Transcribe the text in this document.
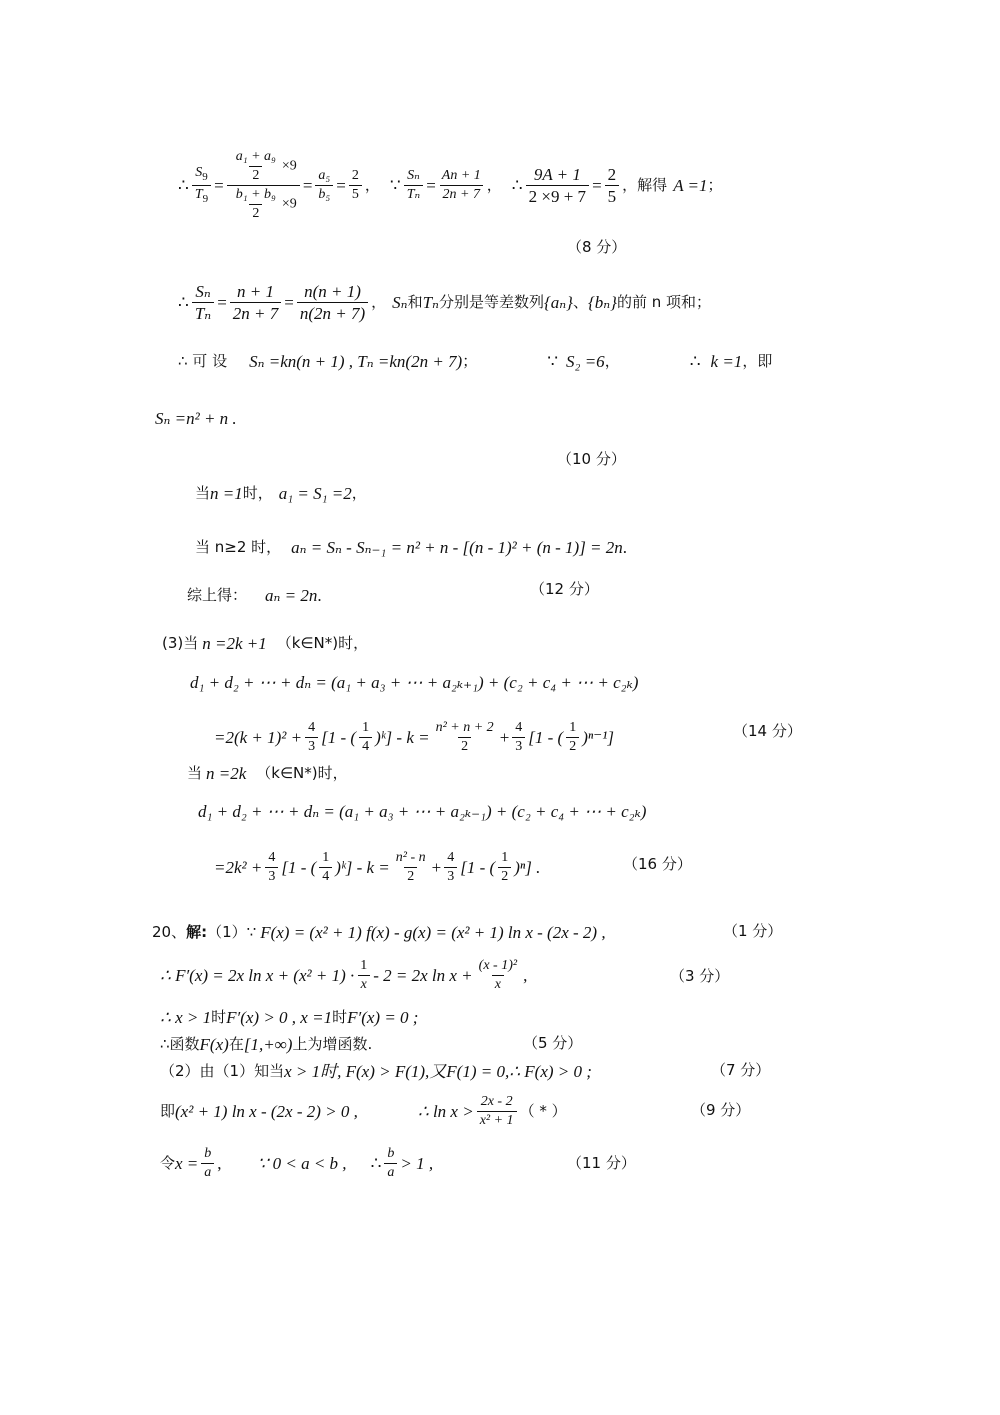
∴ $\frac{S_9}{T_9} = \frac{\frac{\text{a₁ + a₉}}{2} \times 9}{\frac{\text{b₁ + b₉}}{2} \times 9} = \frac{\text{a₅}}{\text{b₅}} = \frac{2}{5}$ ， ∵ $\frac{\text{Sₙ}}{\text{Tₙ}} = \frac{An + 1}{2n + 7}$ ， ∴ $\frac{9A + 1}{2 \times 9 + 7} = \frac{2}{5}$ ， 解得 A =1 ；
（8 分）
∴ $\frac{\text{Sₙ}}{\text{Tₙ}} = \frac{n + 1}{2n + 7} = \frac{n(n + 1)}{n(2n + 7)}$ ， Sₙ 和 Tₙ 分别是等差数列 {aₙ} 、 {bₙ} 的前 n 项和；
∴ 可 设 Sₙ =kn(n + 1) , Tₙ =kn(2n + 7) ；	∵ S₂ =6 ，	∴ k =1 ，即
Sₙ =n² + n .
（10 分）
当 n =1 时， a₁ = S₁ =2 ，
当 n≥2 时， aₙ = Sₙ - Sₙ₋₁ = n² + n - [(n - 1)² + (n - 1)] = 2n .
综上得： aₙ = 2n .	（12 分）
(3)当 n =2k +1 （k∈N*)时，
d₁ + d₂ + ⋯ + dₙ = (a₁ + a₃ + ⋯ + a₂ₖ₊₁) + (c₂ + c₄ + ⋯ + c₂ₖ)
$=2(k + 1)^2 + \frac{4}{3} [1$ - ( $\frac{1}{4}$ )ᵏ] - $k = \frac{\text{n² + n + 2}}{2} + \frac{4}{3} [1$ - ( $\frac{1}{2} )^{n-1}$]	（14 分）
当 n =2k （k∈N*)时，
d₁ + d₂ + ⋯ + dₙ = (a₁ + a₃ + ⋯ + a₂ₖ₋₁) + (c₂ + c₄ + ⋯ + c₂ₖ)
$=2k^2 + \frac{4}{3} [1$ - ( $\frac{1}{4}$ )ᵏ] - $k = \frac{\text{n² - n}}{2} + \frac{4}{3} [1$ - ( $\frac{1}{2} )^n$] .	（16 分）
20、 解: （1）∵ F(x) = (x² + 1) f(x) - g(x) = (x² + 1) ln x - (2x - 2) ,	（1 分）
∴ F′(x) = 2x $\ln x + (x^2 + 1) \cdot \frac{1}{x} - 2 = 2x$ $\ln x + \frac{\text{(x - 1)²}}{x}$ ,	（3 分）
∴ x > 1 时 F′(x) > 0 , x =1 时 F′(x) = 0 ;
∴函数 F(x) 在 [1,+∞) 上为增函数.	（5 分）
（2）由（1）知当 x > 1时, F(x) > F(1),又F(1) = 0,∴ F(x) > 0 ;	（7 分）
即 (x² + 1) ln x - (2x - 2) > 0 ,	∴ $\ln x > \frac{2x - 2}{\text{x² + 1}}$ （ * ）	（9 分）
令 $x = \frac{b}{a}$ , ∵ 0 < a < b , ∴ $\frac{b}{a} > 1$ ,	（11 分）
